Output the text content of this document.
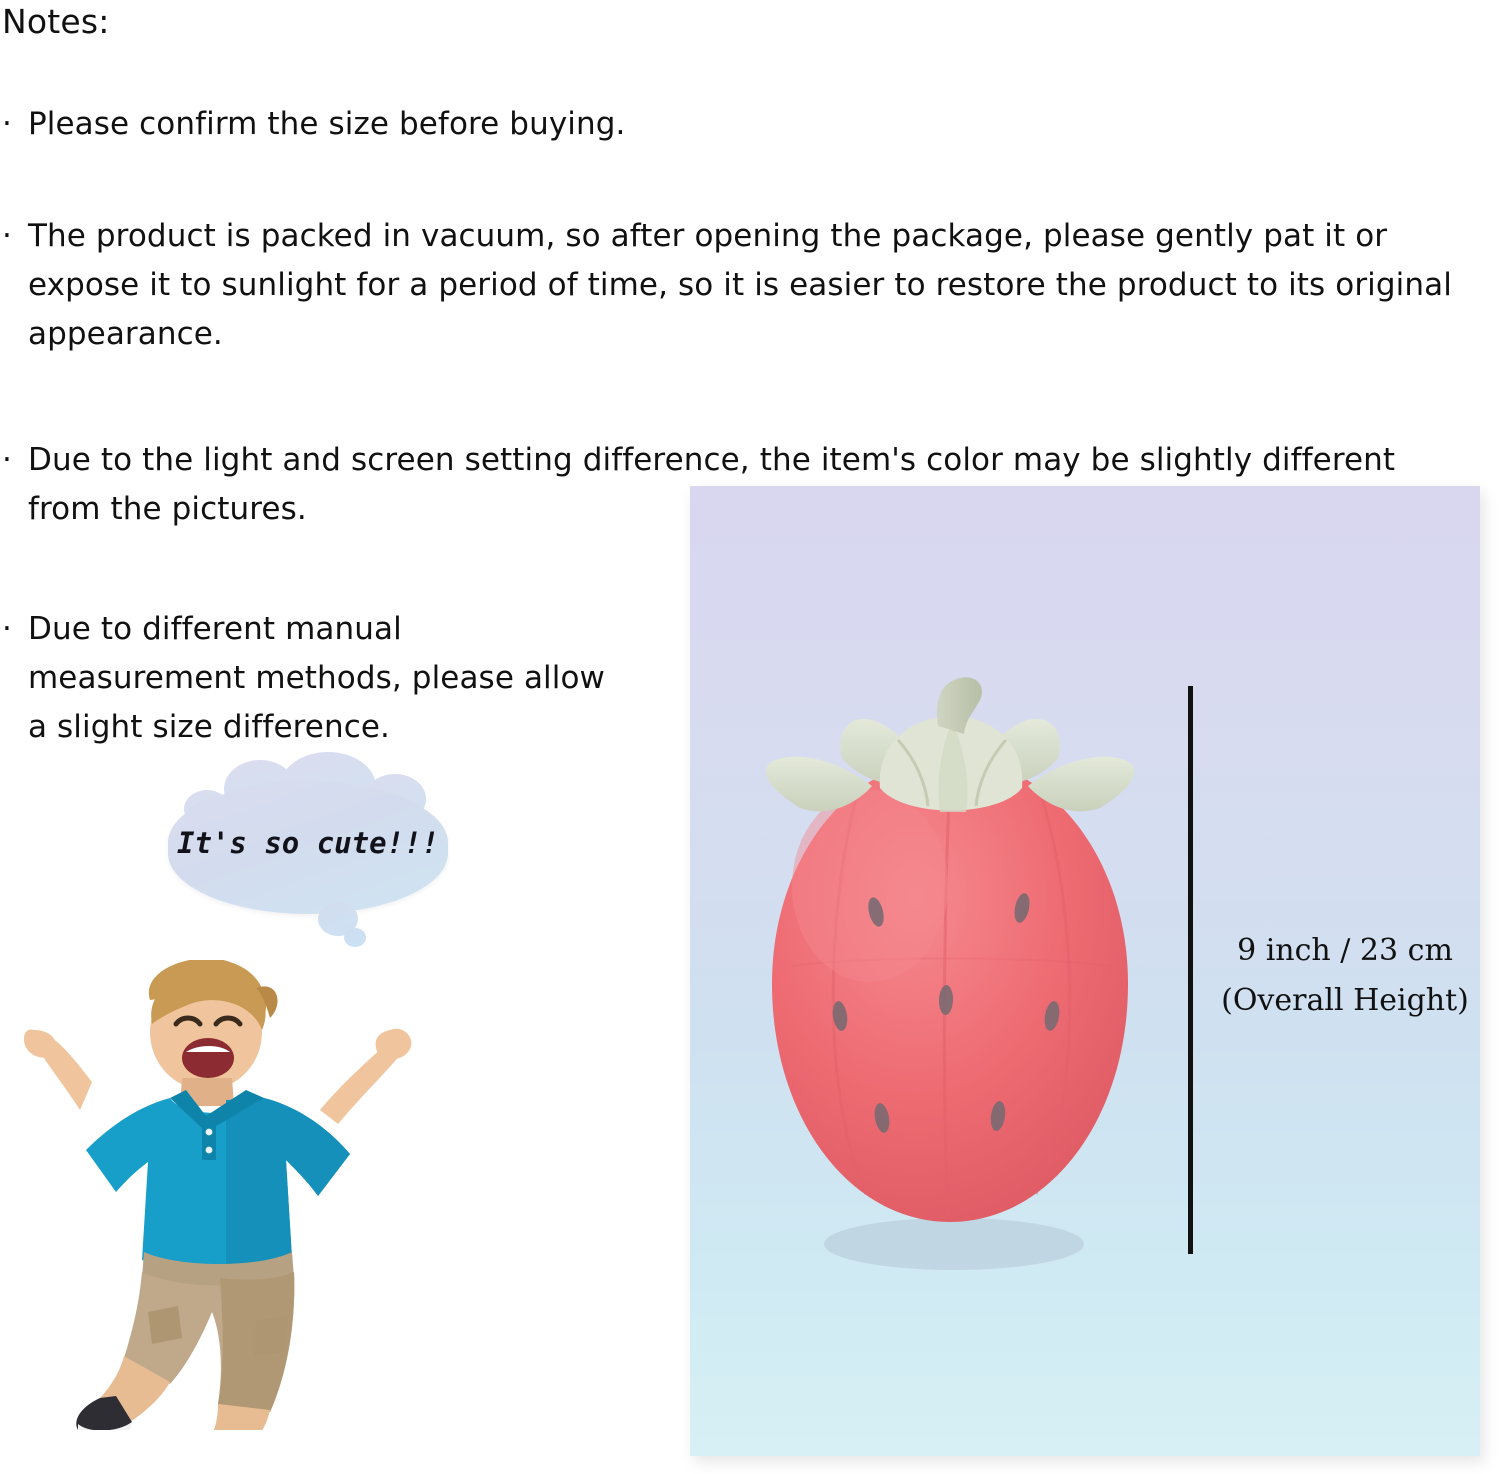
Notes:
· Please confirm the size before buying.
· The product is packed in vacuum, so after opening the package, please gently pat it or expose it to sunlight for a period of time, so it is easier to restore the product to its original appearance.
· Due to the light and screen setting difference, the item's color may be slightly different from the pictures.
· Due to different manual measurement methods, please allow a slight size difference.
It's so cute!!!
9 inch / 23 cm
(Overall Height)
